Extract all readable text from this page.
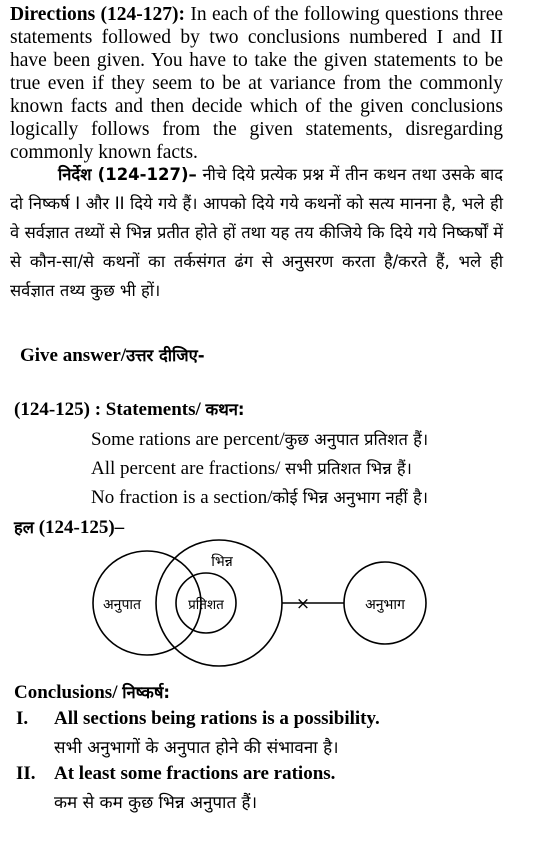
Directions (124-127): In each of the following questions three statements followed by two conclusions numbered I and II have been given. You have to take the given statements to be true even if they seem to be at variance from the commonly known facts and then decide which of the given conclusions logically follows from the given statements, disregarding commonly known facts.

निर्देश (124-127)– नीचे दिये प्रत्येक प्रश्न में तीन कथन तथा उसके बाद दो निष्कर्ष I और II दिये गये हैं। आपको दिये गये कथनों को सत्य मानना है, भले ही वे सर्वज्ञात तथ्यों से भिन्न प्रतीत होते हों तथा यह तय कीजिये कि दिये गये निष्कर्षों में से कौन-सा/से कथनों का तर्कसंगत ढंग से अनुसरण करता है/करते हैं, भले ही सर्वज्ञात तथ्य कुछ भी हों।

Give answer/उत्तर दीजिए-
(124-125) : Statements/ कथन:
Some rations are percent/कुछ अनुपात प्रतिशत हैं।
All percent are fractions/ सभी प्रतिशत भिन्न हैं।
No fraction is a section/कोई भिन्न अनुभाग नहीं है।
हल (124-125)–
×
भिन्न
अनुपात	प्रतिशत	अनुभाग
Conclusions/ निष्कर्ष:
I. All sections being rations is a possibility.
सभी अनुभागों के अनुपात होने की संभावना है।
II. At least some fractions are rations.
कम से कम कुछ भिन्न अनुपात हैं।
